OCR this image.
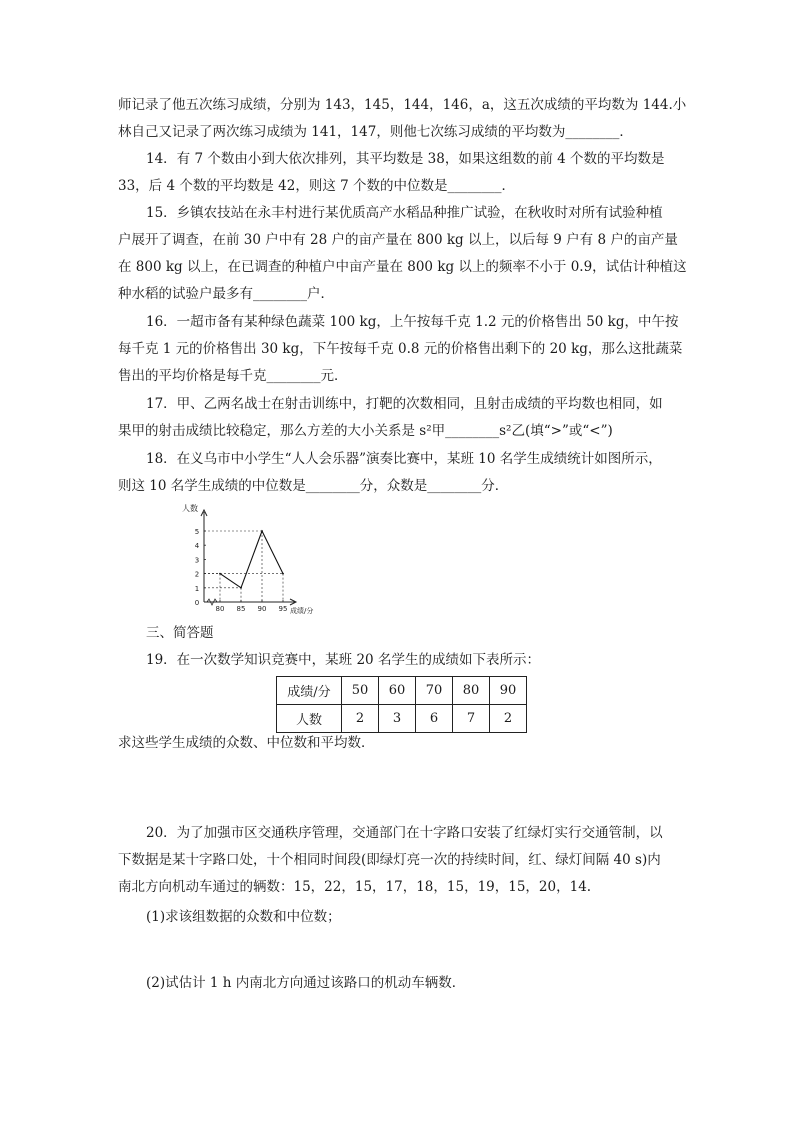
师记录了他五次练习成绩，分别为 143，145，144，146，a，这五次成绩的平均数为 144.小

林自己又记录了两次练习成绩为 141，147，则他七次练习成绩的平均数为________．

14．有 7 个数由小到大依次排列，其平均数是 38，如果这组数的前 4 个数的平均数是

33，后 4 个数的平均数是 42，则这 7 个数的中位数是________．

15．乡镇农技站在永丰村进行某优质高产水稻品种推广试验，在秋收时对所有试验种植

户展开了调查，在前 30 户中有 28 户的亩产量在 800 kg 以上，以后每 9 户有 8 户的亩产量

在 800 kg 以上，在已调查的种植户中亩产量在 800 kg 以上的频率不小于 0.9，试估计种植这

种水稻的试验户最多有________户．

16．一超市备有某种绿色蔬菜 100 kg，上午按每千克 1.2 元的价格售出 50 kg，中午按

每千克 1 元的价格售出 30 kg，下午按每千克 0.8 元的价格售出剩下的 20 kg，那么这批蔬菜

售出的平均价格是每千克________元．

17．甲、乙两名战士在射击训练中，打靶的次数相同，且射击成绩的平均数也相同，如

果甲的射击成绩比较稳定，那么方差的大小关系是 s²甲________s²乙(填“>”或“<”)

18．在义乌市中小学生“人人会乐器”演奏比赛中，某班 10 名学生成绩统计如图所示，

则这 10 名学生成绩的中位数是________分，众数是________分．

人数
成绩/分
0
1
2
3
4
5
80 85 90 95
三、简答题

19．在一次数学知识竞赛中，某班 20 名学生的成绩如下表所示：

成绩/分	50	60	70	80	90
人数	2	3	6	7	2

求这些学生成绩的众数、中位数和平均数．

20．为了加强市区交通秩序管理，交通部门在十字路口安装了红绿灯实行交通管制，以

下数据是某十字路口处，十个相同时间段(即绿灯亮一次的持续时间，红、绿灯间隔 40 s)内

南北方向机动车通过的辆数：15，22，15，17，18，15，19，15，20，14.

(1)求该组数据的众数和中位数；

(2)试估计 1 h 内南北方向通过该路口的机动车辆数．
